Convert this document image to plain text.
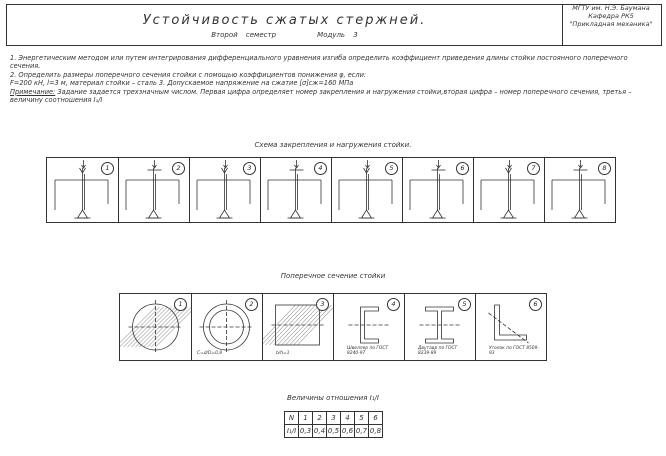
Устойчивость сжатых стержней.
Второй семестр	Модуль 3
МГТУ им. Н.Э. Баумана
Кафедра РК5
"Прикладная механика"

1. Энергетическим методом или путем интегрирования дифференциального уравнения изгиба определить коэффициент приведения длины стойки постоянного поперечного сечения.

2. Определить размеры поперечного сечения стойки с помощью коэффициентов понижения φ, если:

F=200 кН, l=3 м, материал стойки – сталь 3. Допускаемое напряжение на сжатие [σ]сж=160 МПа

Примечание: Задание задается трехзначным числом. Первая цифра определяет номер закрепления и нагружения стойки,вторая цифра – номер поперечного сечения, третья – величину соотношения I₁/I

Схема закрепления и нагружения стойки.
1	2	3	4	5	6	7	8
Поперечное сечение стойки
1	2
С=d/D=0,8
3
b/h=1
4
Швеллер по ГОСТ 8240-97
5
Двутавр по ГОСТ 8239-89
6
Уголок по ГОСТ 8509-93
Величины отношения I₁/I
N	1	2	3	4	5	6
I₁/I	0,3	0,4	0,5	0,6	0,7	0,8
